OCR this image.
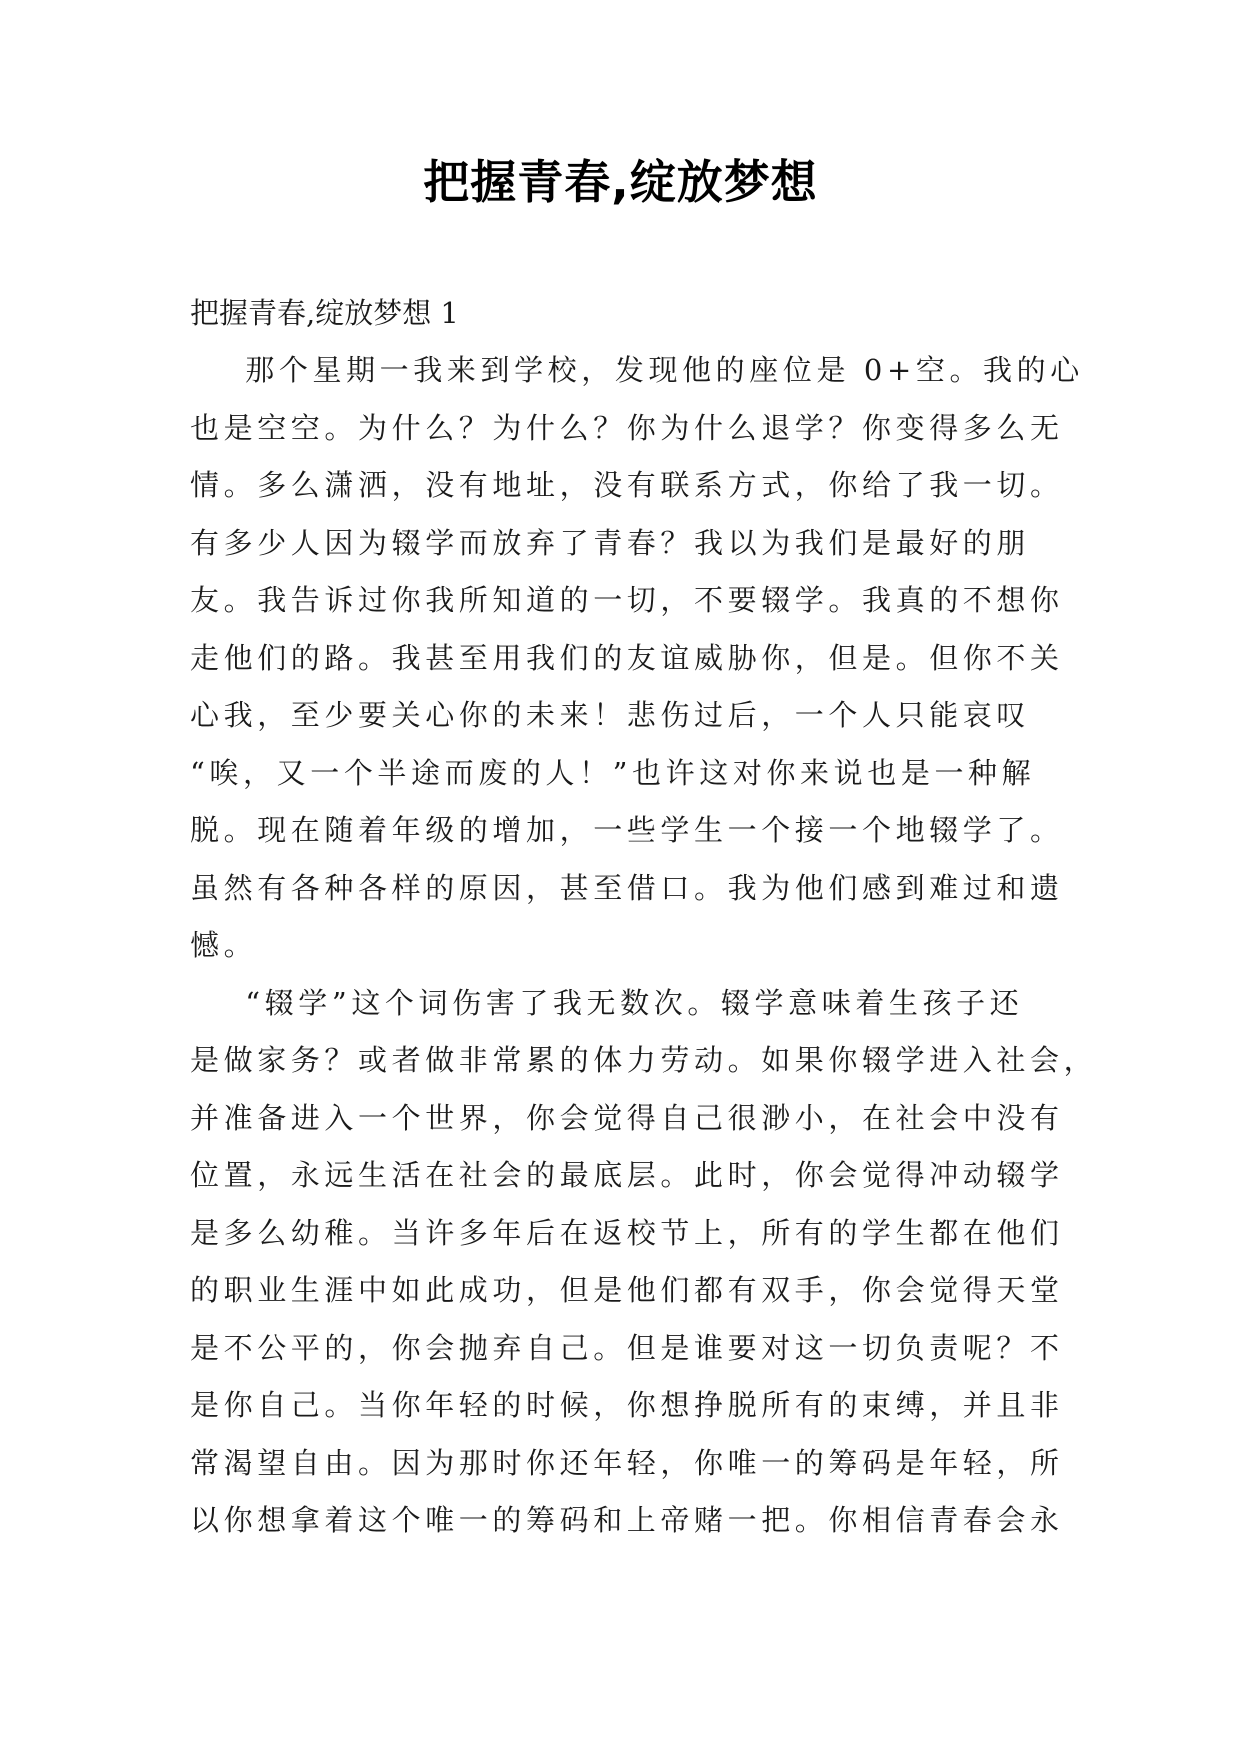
把握青春,绽放梦想

把握青春,绽放梦想 1

那个星期一我来到学校，发现他的座位是 0+空。我的心
也是空空。为什么？为什么？你为什么退学？你变得多么无
情。多么潇洒，没有地址，没有联系方式，你给了我一切。
有多少人因为辍学而放弃了青春？我以为我们是最好的朋
友。我告诉过你我所知道的一切，不要辍学。我真的不想你
走他们的路。我甚至用我们的友谊威胁你，但是。但你不关
心我，至少要关心你的未来！悲伤过后，一个人只能哀叹
“唉，又一个半途而废的人！”也许这对你来说也是一种解
脱。现在随着年级的增加，一些学生一个接一个地辍学了。
虽然有各种各样的原因，甚至借口。我为他们感到难过和遗
憾。
“辍学”这个词伤害了我无数次。辍学意味着生孩子还
是做家务？或者做非常累的体力劳动。如果你辍学进入社会，
并准备进入一个世界，你会觉得自己很渺小，在社会中没有
位置，永远生活在社会的最底层。此时，你会觉得冲动辍学
是多么幼稚。当许多年后在返校节上，所有的学生都在他们
的职业生涯中如此成功，但是他们都有双手，你会觉得天堂
是不公平的，你会抛弃自己。但是谁要对这一切负责呢？不
是你自己。当你年轻的时候，你想挣脱所有的束缚，并且非
常渴望自由。因为那时你还年轻，你唯一的筹码是年轻，所
以你想拿着这个唯一的筹码和上帝赌一把。你相信青春会永
